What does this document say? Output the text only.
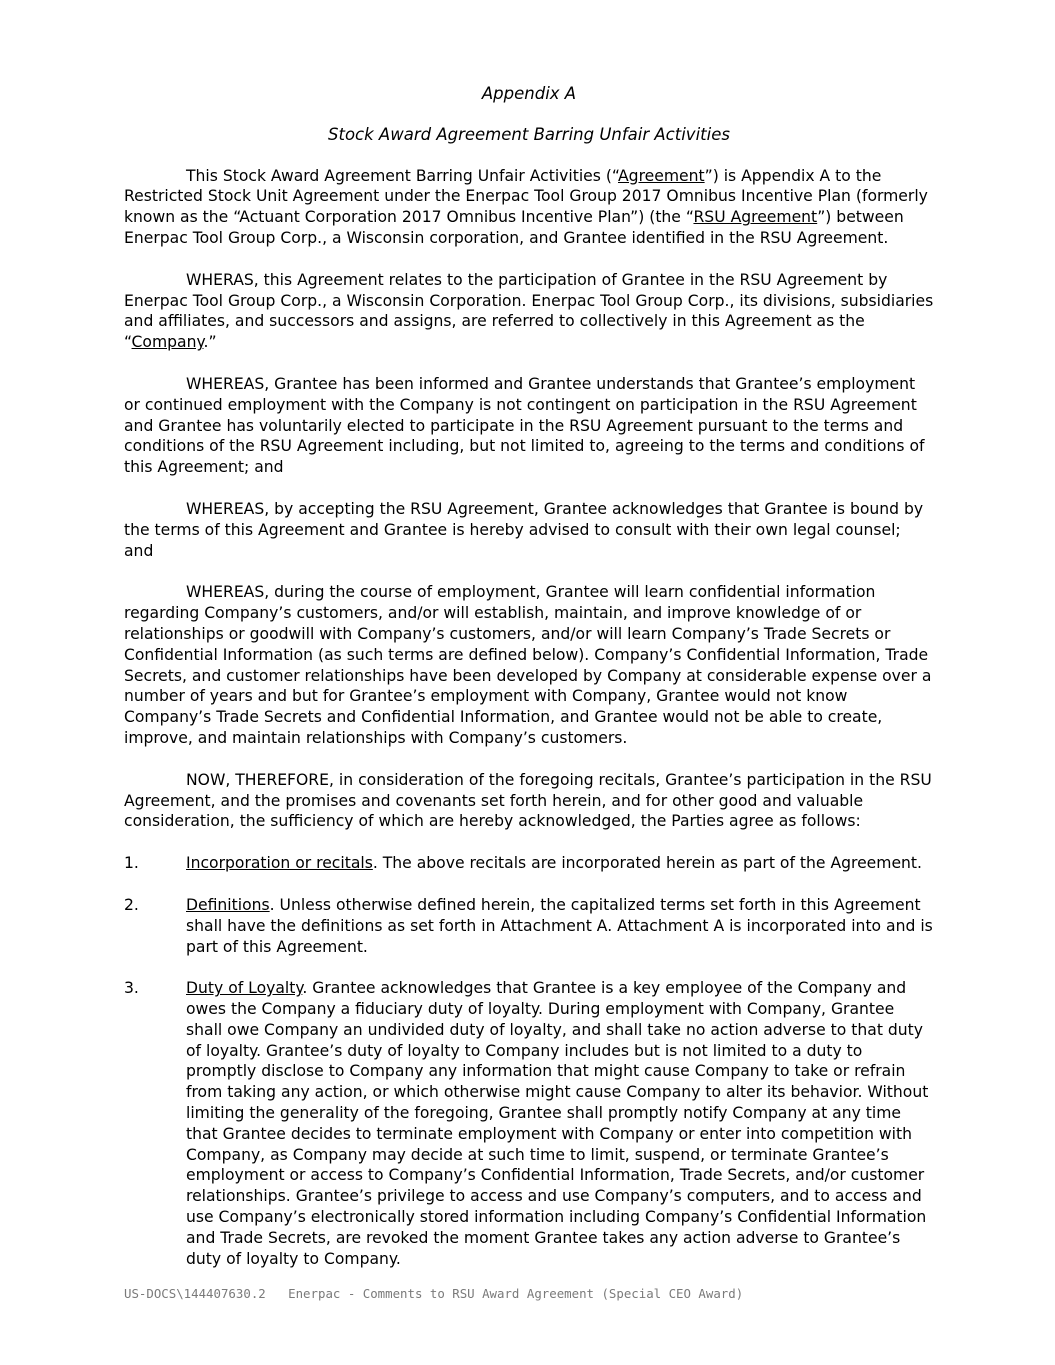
Appendix A
Stock Award Agreement Barring Unfair Activities

This Stock Award Agreement Barring Unfair Activities (“Agreement”) is Appendix A to the Restricted Stock Unit Agreement under the Enerpac Tool Group 2017 Omnibus Incentive Plan (formerly known as the “Actuant Corporation 2017 Omnibus Incentive Plan”) (the “RSU Agreement”) between Enerpac Tool Group Corp., a Wisconsin corporation, and Grantee identified in the RSU Agreement.

WHERAS, this Agreement relates to the participation of Grantee in the RSU Agreement by Enerpac Tool Group Corp., a Wisconsin Corporation. Enerpac Tool Group Corp., its divisions, subsidiaries and affiliates, and successors and assigns, are referred to collectively in this Agreement as the “Company.”

WHEREAS, Grantee has been informed and Grantee understands that Grantee’s employment or continued employment with the Company is not contingent on participation in the RSU Agreement and Grantee has voluntarily elected to participate in the RSU Agreement pursuant to the terms and conditions of the RSU Agreement including, but not limited to, agreeing to the terms and conditions of this Agreement; and

WHEREAS, by accepting the RSU Agreement, Grantee acknowledges that Grantee is bound by the terms of this Agreement and Grantee is hereby advised to consult with their own legal counsel; and

WHEREAS, during the course of employment, Grantee will learn confidential information regarding Company’s customers, and/or will establish, maintain, and improve knowledge of or relationships or goodwill with Company’s customers, and/or will learn Company’s Trade Secrets or Confidential Information (as such terms are defined below). Company’s Confidential Information, Trade Secrets, and customer relationships have been developed by Company at considerable expense over a number of years and but for Grantee’s employment with Company, Grantee would not know Company’s Trade Secrets and Confidential Information, and Grantee would not be able to create, improve, and maintain relationships with Company’s customers.

NOW, THEREFORE, in consideration of the foregoing recitals, Grantee’s participation in the RSU Agreement, and the promises and covenants set forth herein, and for other good and valuable consideration, the sufficiency of which are hereby acknowledged, the Parties agree as follows:

1.	Incorporation or recitals. The above recitals are incorporated herein as part of the Agreement.
2.	Definitions. Unless otherwise defined herein, the capitalized terms set forth in this Agreement shall have the definitions as set forth in Attachment A. Attachment A is incorporated into and is part of this Agreement.
3.	Duty of Loyalty. Grantee acknowledges that Grantee is a key employee of the Company and owes the Company a fiduciary duty of loyalty. During employment with Company, Grantee shall owe Company an undivided duty of loyalty, and shall take no action adverse to that duty of loyalty. Grantee’s duty of loyalty to Company includes but is not limited to a duty to promptly disclose to Company any information that might cause Company to take or refrain from taking any action, or which otherwise might cause Company to alter its behavior. Without limiting the generality of the foregoing, Grantee shall promptly notify Company at any time that Grantee decides to terminate employment with Company or enter into competition with Company, as Company may decide at such time to limit, suspend, or terminate Grantee’s employment or access to Company’s Confidential Information, Trade Secrets, and/or customer relationships. Grantee’s privilege to access and use Company’s computers, and to access and use Company’s electronically stored information including Company’s Confidential Information and Trade Secrets, are revoked the moment Grantee takes any action adverse to Grantee’s duty of loyalty to Company.
US-DOCS\144407630.2 Enerpac - Comments to RSU Award Agreement (Special CEO Award)
